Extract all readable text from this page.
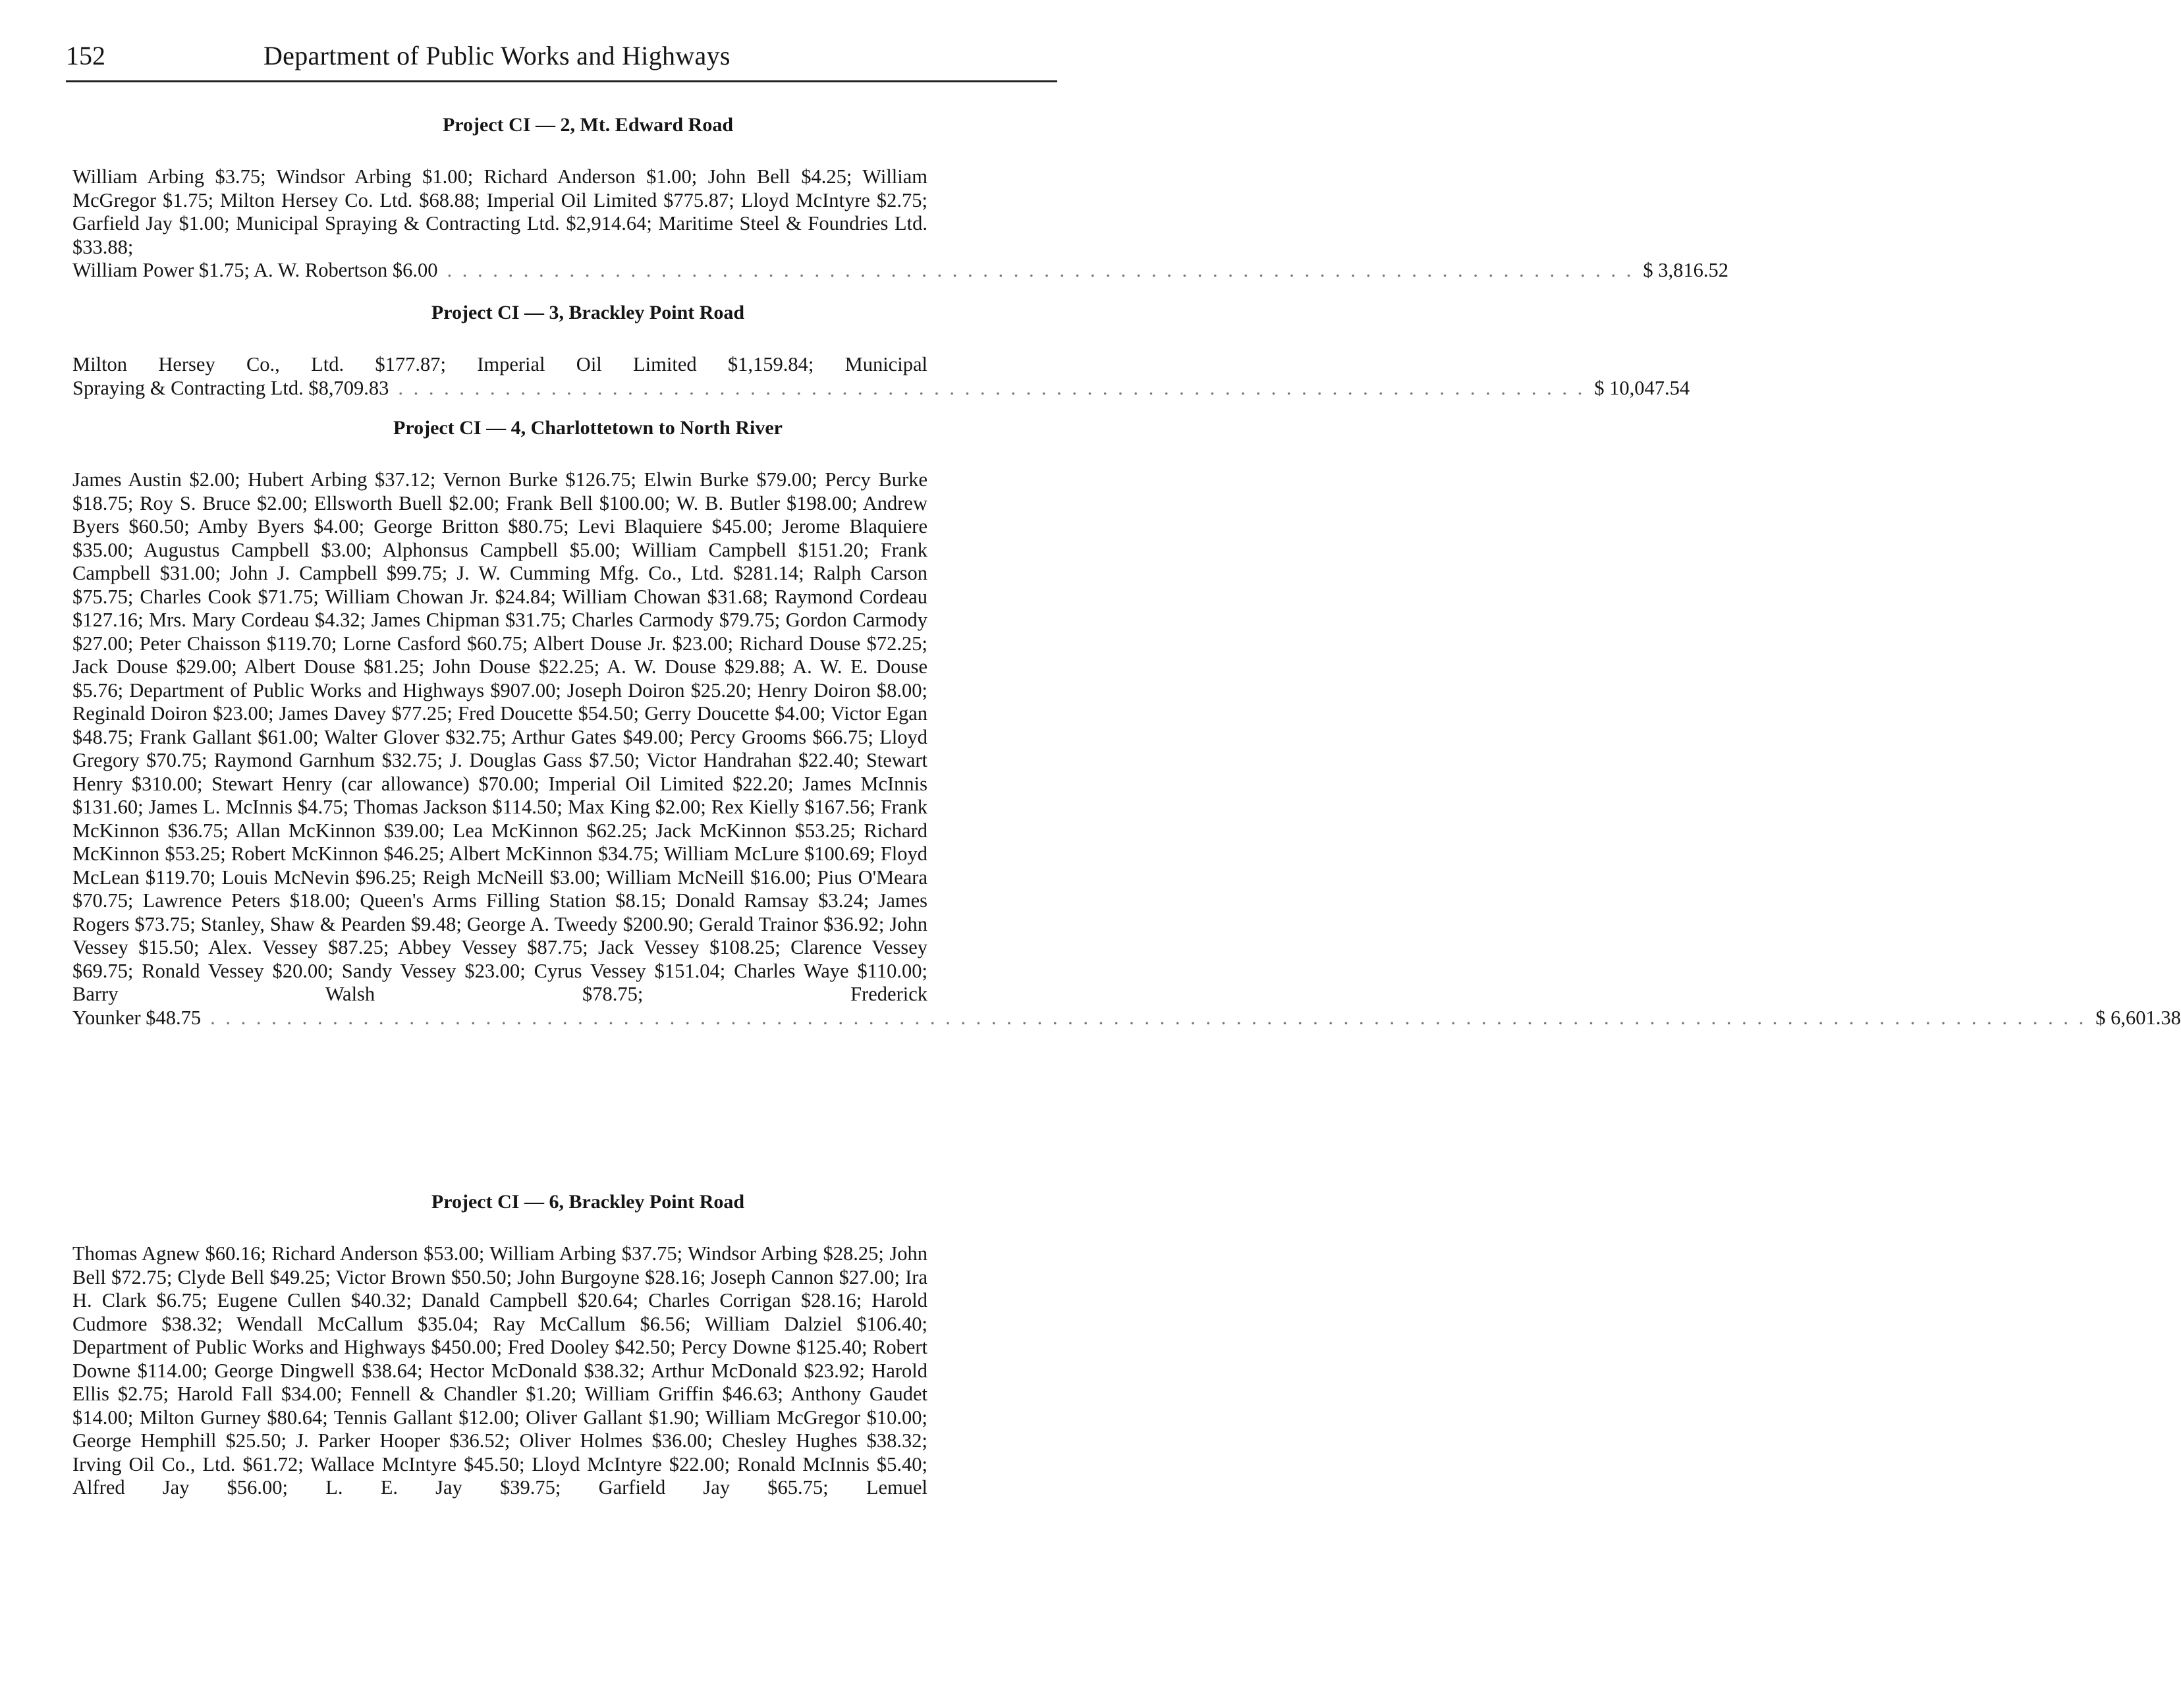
152	Department of Public Works and Highways
Project CI — 2, Mt. Edward Road
William Arbing $3.75; Windsor Arbing $1.00; Richard Anderson $1.00; John Bell $4.25; William McGregor $1.75; Milton Hersey Co. Ltd. $68.88; Imperial Oil Limited $775.87; Lloyd McIntyre $2.75; Garfield Jay $1.00; Municipal Spraying & Contracting Ltd. $2,914.64; Maritime Steel & Foundries Ltd. $33.88;
William Power $1.75; A. W. Robertson $6.00 . . . . . . . . . . . . . . . . . . . . . . . . . . . . . . . . . . . . . . . . . . . . . . . . . . . . . . . . . . . . . . . . . . . . . . . . . . . . . . $ 3,816.52
Project CI — 3, Brackley Point Road
Milton Hersey Co., Ltd. $177.87; Imperial Oil Limited $1,159.84; Municipal
Spraying & Contracting Ltd. $8,709.83 . . . . . . . . . . . . . . . . . . . . . . . . . . . . . . . . . . . . . . . . . . . . . . . . . . . . . . . . . . . . . . . . . . . . . . . . . . . . . . $ 10,047.54
Project CI — 4, Charlottetown to North River
James Austin $2.00; Hubert Arbing $37.12; Vernon Burke $126.75; Elwin Burke $79.00; Percy Burke $18.75; Roy S. Bruce $2.00; Ellsworth Buell $2.00; Frank Bell $100.00; W. B. Butler $198.00; Andrew Byers $60.50; Amby Byers $4.00; George Britton $80.75; Levi Blaquiere $45.00; Jerome Blaquiere $35.00; Augustus Campbell $3.00; Alphonsus Campbell $5.00; William Campbell $151.20; Frank Campbell $31.00; John J. Campbell $99.75; J. W. Cumming Mfg. Co., Ltd. $281.14; Ralph Carson $75.75; Charles Cook $71.75; William Chowan Jr. $24.84; William Chowan $31.68; Raymond Cordeau $127.16; Mrs. Mary Cordeau $4.32; James Chipman $31.75; Charles Carmody $79.75; Gordon Carmody $27.00; Peter Chaisson $119.70; Lorne Casford $60.75; Albert Douse Jr. $23.00; Richard Douse $72.25; Jack Douse $29.00; Albert Douse $81.25; John Douse $22.25; A. W. Douse $29.88; A. W. E. Douse $5.76; Department of Public Works and Highways $907.00; Joseph Doiron $25.20; Henry Doiron $8.00; Reginald Doiron $23.00; James Davey $77.25; Fred Doucette $54.50; Gerry Doucette $4.00; Victor Egan $48.75; Frank Gallant $61.00; Walter Glover $32.75; Arthur Gates $49.00; Percy Grooms $66.75; Lloyd Gregory $70.75; Raymond Garnhum $32.75; J. Douglas Gass $7.50; Victor Handrahan $22.40; Stewart Henry $310.00; Stewart Henry (car allowance) $70.00; Imperial Oil Limited $22.20; James McInnis $131.60; James L. McInnis $4.75; Thomas Jackson $114.50; Max King $2.00; Rex Kielly $167.56; Frank McKinnon $36.75; Allan McKinnon $39.00; Lea McKinnon $62.25; Jack McKinnon $53.25; Richard McKinnon $53.25; Robert McKinnon $46.25; Albert McKinnon $34.75; William McLure $100.69; Floyd McLean $119.70; Louis McNevin $96.25; Reigh McNeill $3.00; William McNeill $16.00; Pius O'Meara $70.75; Lawrence Peters $18.00; Queen's Arms Filling Station $8.15; Donald Ramsay $3.24; James Rogers $73.75; Stanley, Shaw & Pearden $9.48; George A. Tweedy $200.90; Gerald Trainor $36.92; John Vessey $15.50; Alex. Vessey $87.25; Abbey Vessey $87.75; Jack Vessey $108.25; Clarence Vessey $69.75; Ronald Vessey $20.00; Sandy Vessey $23.00; Cyrus Vessey $151.04; Charles Waye $110.00; Barry Walsh $78.75; Frederick
Younker $48.75 . . . . . . . . . . . . . . . . . . . . . . . . . . . . . . . . . . . . . . . . . . . . . . . . . . . . . . . . . . . . . . . . . . . . . . . . . . . . . . . . . . . . . . . . . . . . . . . . . . . . . . . . . . . . . . . . . . . . . . . . . . . $ 6,601.38
Project CI — 6, Brackley Point Road
Thomas Agnew $60.16; Richard Anderson $53.00; William Arbing $37.75; Windsor Arbing $28.25; John Bell $72.75; Clyde Bell $49.25; Victor Brown $50.50; John Burgoyne $28.16; Joseph Cannon $27.00; Ira H. Clark $6.75; Eugene Cullen $40.32; Danald Campbell $20.64; Charles Corrigan $28.16; Harold Cudmore $38.32; Wendall McCallum $35.04; Ray McCallum $6.56; William Dalziel $106.40; Department of Public Works and Highways $450.00; Fred Dooley $42.50; Percy Downe $125.40; Robert Downe $114.00; George Dingwell $38.64; Hector McDonald $38.32; Arthur McDonald $23.92; Harold Ellis $2.75; Harold Fall $34.00; Fennell & Chandler $1.20; William Griffin $46.63; Anthony Gaudet $14.00; Milton Gurney $80.64; Tennis Gallant $12.00; Oliver Gallant $1.90; William McGregor $10.00; George Hemphill $25.50; J. Parker Hooper $36.52; Oliver Holmes $36.00; Chesley Hughes $38.32; Irving Oil Co., Ltd. $61.72; Wallace McIntyre $45.50; Lloyd McIntyre $22.00; Ronald McInnis $5.40; Alfred Jay $56.00; L. E. Jay $39.75; Garfield Jay $65.75; Lemuel
